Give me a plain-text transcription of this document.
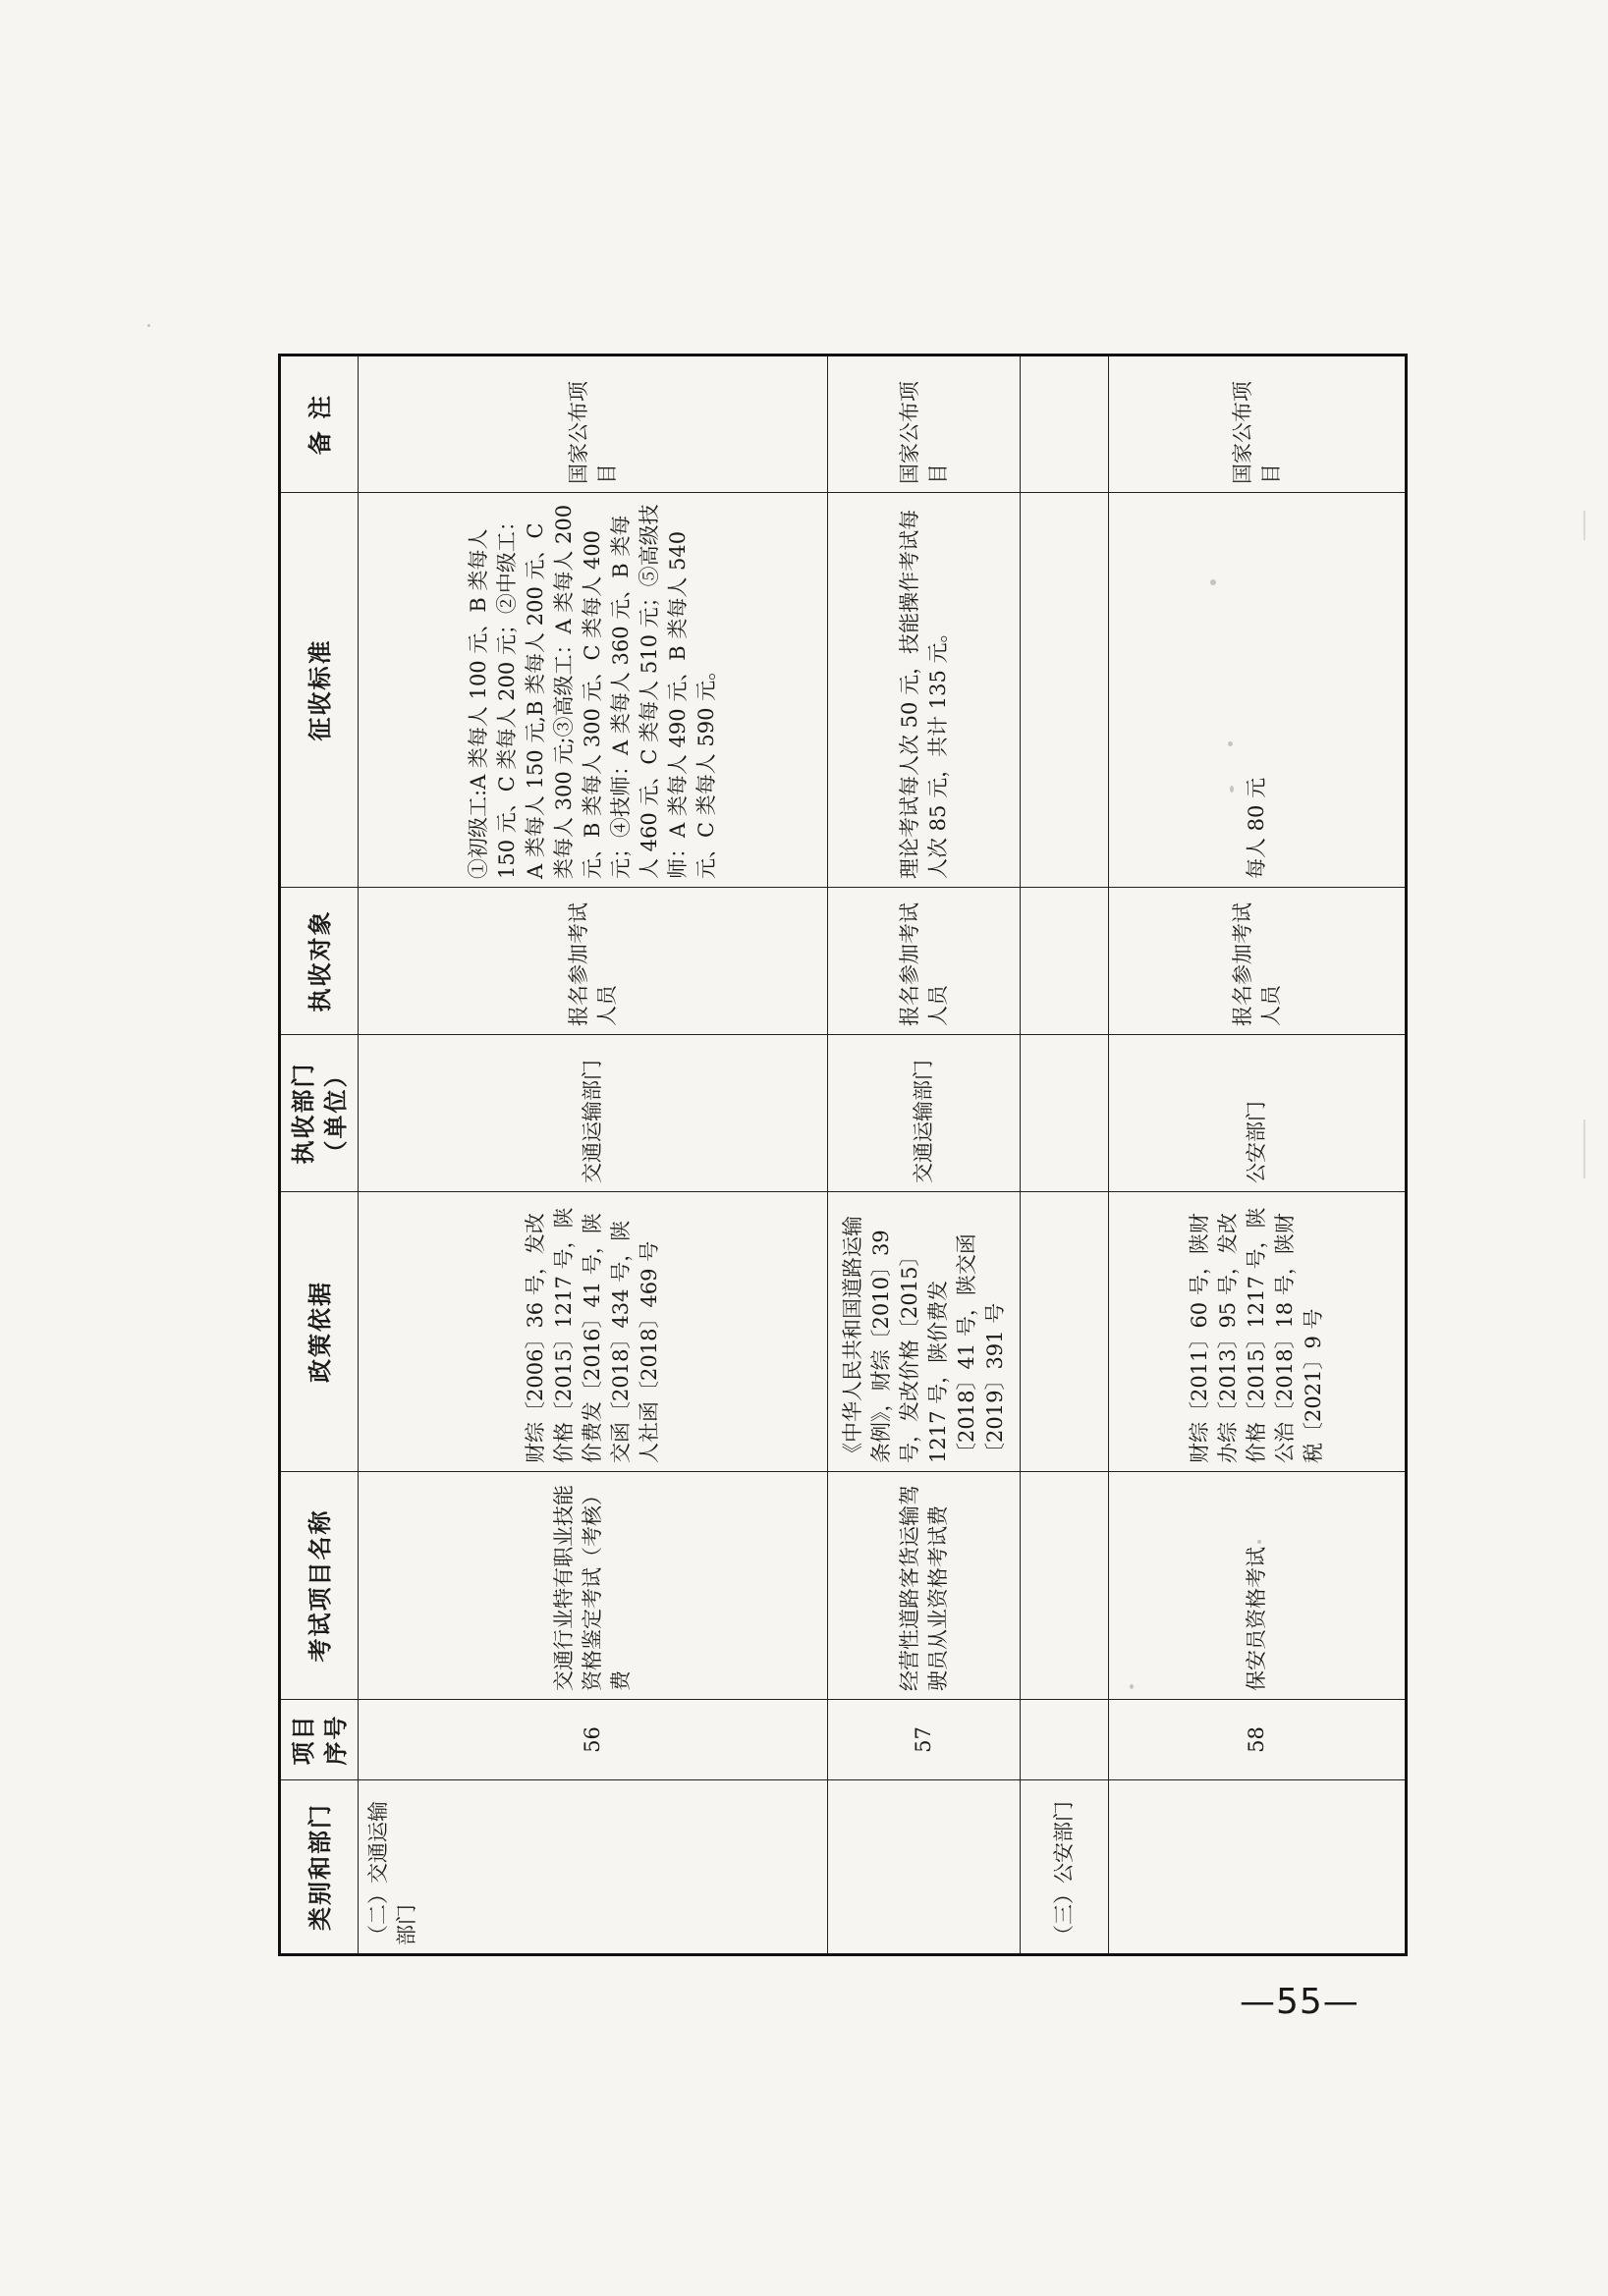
类别和部门	项目序号	考试项目名称	政策依据	执收部门（单位）	执收对象	征收标准	备 注
（二）交通运输部门	56	交通行业特有职业技能资格鉴定考试（考核）费	财综〔2006〕36 号，发改价格〔2015〕1217 号，陕价费发〔2016〕41 号，陕交函〔2018〕434 号，陕人社函〔2018〕469 号	交通运输部门	报名参加考试人员	①初级工:A 类每人 100 元、B 类每人 150 元、C 类每人 200 元；②中级工：A 类每人 150 元,B 类每人 200 元、C 类每人 300 元;③高级工：A 类每人 200 元、B 类每人 300 元、C 类每人 400 元；④技师：A 类每人 360 元、B 类每人 460 元、C 类每人 510 元；⑤高级技师：A 类每人 490 元、B 类每人 540 元、C 类每人 590 元。	国家公布项目
	57	经营性道路客货运输驾驶员从业资格考试费	《中华人民共和国道路运输条例》，财综〔2010〕39 号，发改价格〔2015〕1217 号，陕价费发〔2018〕41 号，陕交函〔2019〕391 号	交通运输部门	报名参加考试人员	理论考试每人次 50 元，技能操作考试每人次 85 元，共计 135 元。	国家公布项目
（三）公安部门							
	58	保安员资格考试	财综〔2011〕60 号，陕财办综〔2013〕95 号，发改价格〔2015〕1217 号，陕公治〔2018〕18 号，陕财税〔2021〕9 号	公安部门	报名参加考试人员	每人 80 元	国家公布项目
—55—
